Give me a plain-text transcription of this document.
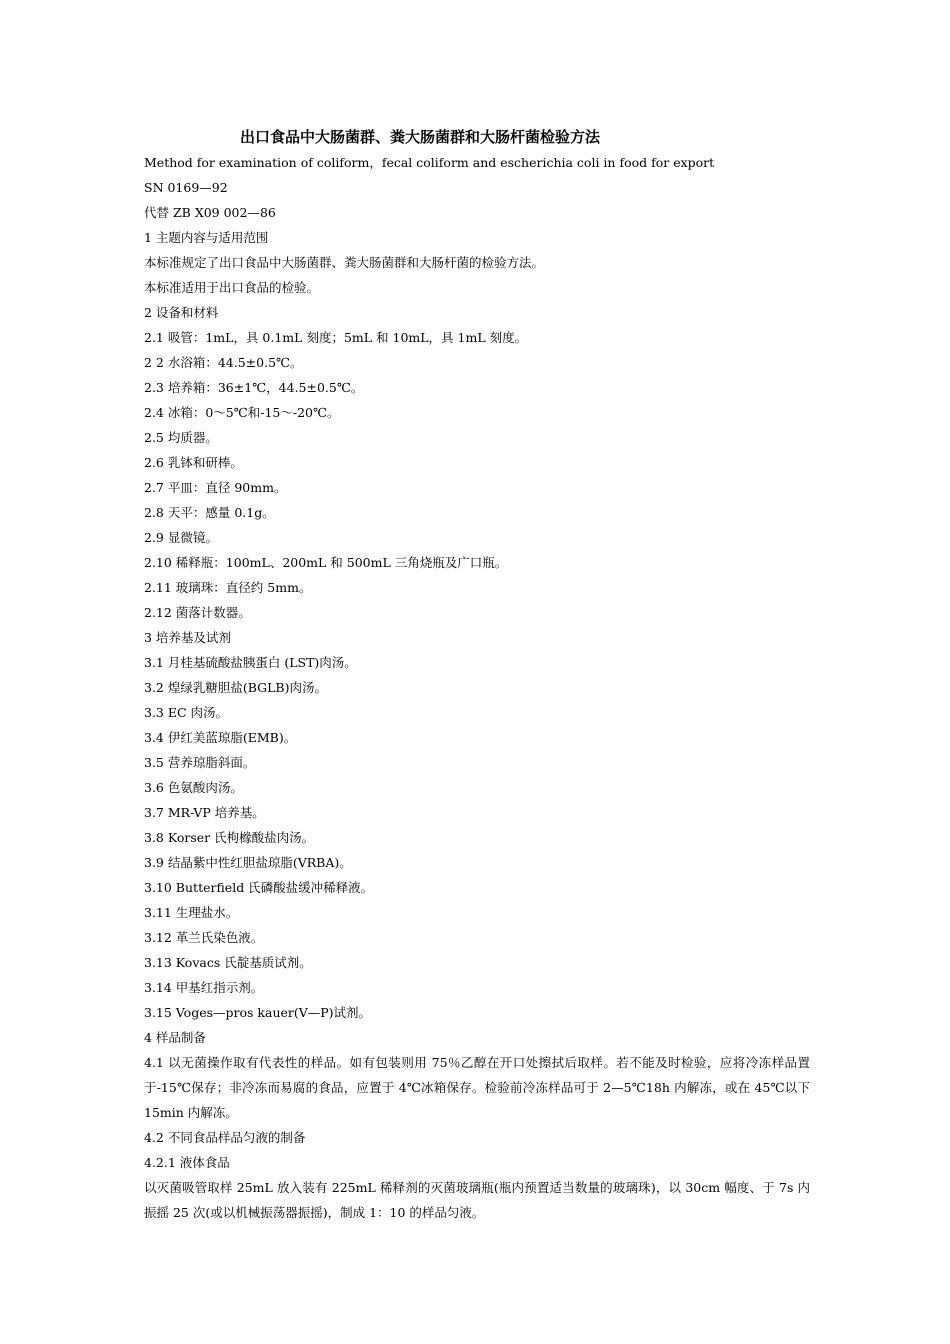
出口食品中大肠菌群、粪大肠菌群和大肠杆菌检验方法
Method for examination of coliform，fecal coliform and escherichia coli in food for export
SN 0169—92
代替 ZB X09 002—86
1 主题内容与适用范围
本标准规定了出口食品中大肠菌群、粪大肠菌群和大肠杆菌的检验方法。
本标准适用于出口食品的检验。
2 设备和材料
2.1 吸管：1mL，具 0.1mL 刻度；5mL 和 10mL，具 1mL 刻度。
2 2 水浴箱：44.5±0.5℃。
2.3 培养箱：36±1℃，44.5±0.5℃。
2.4 冰箱：0～5℃和-15～-20℃。
2.5 均质器。
2.6 乳钵和研棒。
2.7 平皿：直径 90mm。
2.8 天平：感量 0.1g。
2.9 显微镜。
2.10 稀释瓶：100mL、200mL 和 500mL 三角烧瓶及广口瓶。
2.11 玻璃珠：直径约 5mm。
2.12 菌落计数器。
3 培养基及试剂
3.1 月桂基硫酸盐胰蛋白 (LST)肉汤。
3.2 煌绿乳糖胆盐(BGLB)肉汤。
3.3 EC 肉汤。
3.4 伊红美蓝琼脂(EMB)。
3.5 营养琼脂斜面。
3.6 色氨酸肉汤。
3.7 MR-VP 培养基。
3.8 Korser 氏枸橼酸盐肉汤。
3.9 结晶紫中性红胆盐琼脂(VRBA)。
3.10 Butterfield 氏磷酸盐缓冲稀释液。
3.11 生理盐水。
3.12 革兰氏染色液。
3.13 Kovacs 氏靛基质试剂。
3.14 甲基红指示剂。
3.15 Voges—pros kauer(V—P)试剂。
4 样品制备
4.1 以无菌操作取有代表性的样品。如有包装则用 75％乙醇在开口处擦拭后取样。若不能及时检验，应将冷冻样品置于-15℃保存；非冷冻而易腐的食品，应置于 4℃冰箱保存。检验前冷冻样品可于 2—5℃18h 内解冻，或在 45℃以下 15min 内解冻。
4.2 不同食品样品匀液的制备
4.2.1 液体食品
以灭菌吸管取样 25mL 放入装有 225mL 稀释剂的灭菌玻璃瓶(瓶内预置适当数量的玻璃珠)，以 30cm 幅度、于 7s 内振摇 25 次(或以机械振荡器振摇)，制成 1：10 的样品匀液。
